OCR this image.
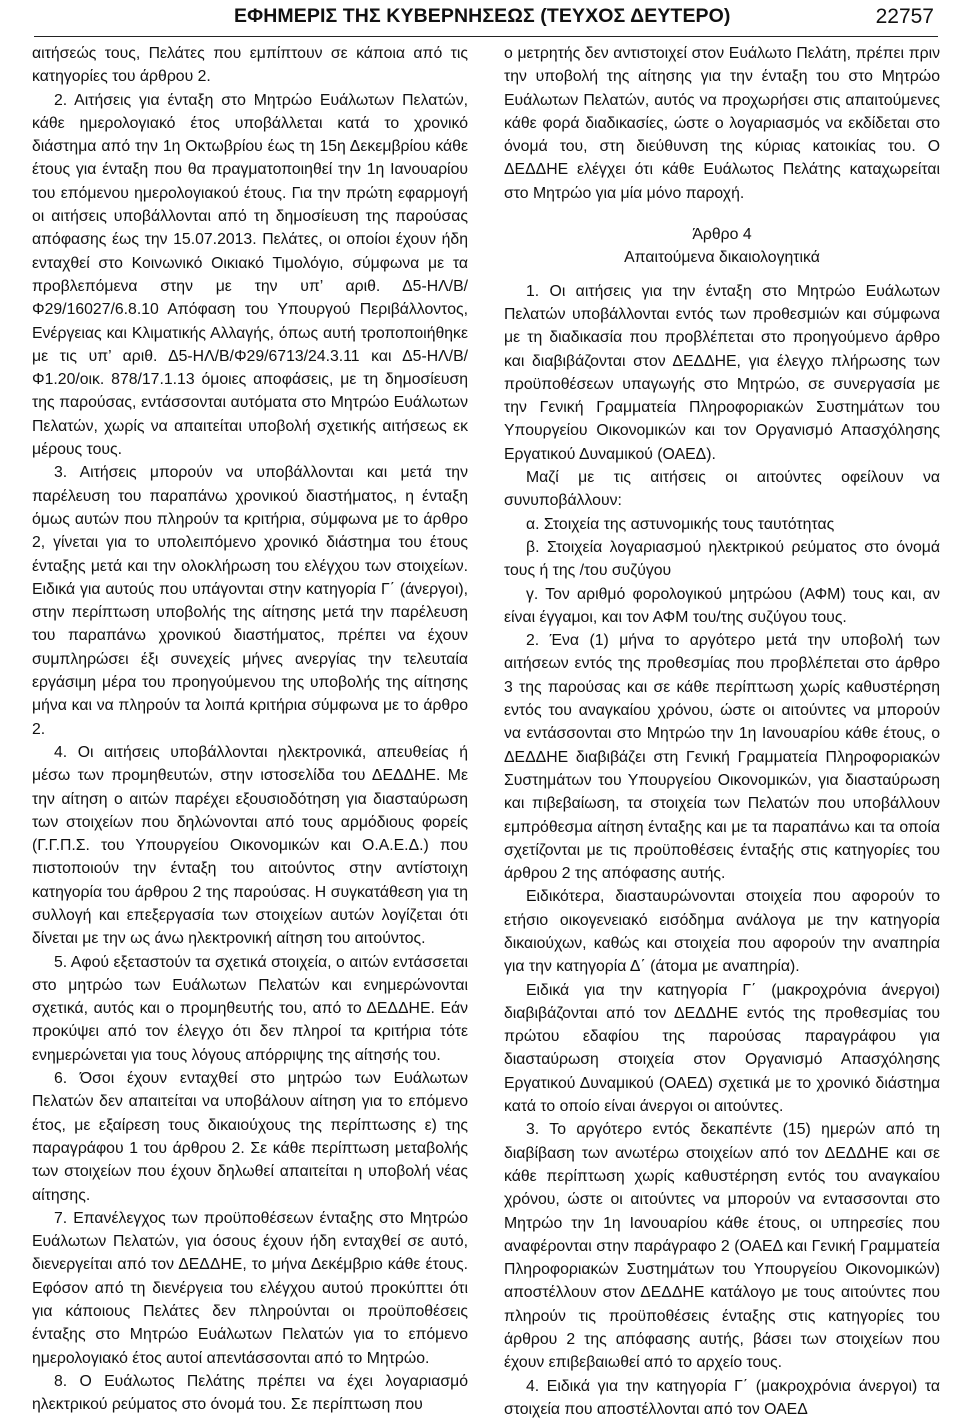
ΕΦΗΜΕΡΙΣ ΤΗΣ ΚΥΒΕΡΝΗΣΕΩΣ (ΤΕΥΧΟΣ ΔΕΥΤΕΡΟ)	22757

αιτήσεώς τους, Πελάτες που εμπίπτουν σε κάποια από τις κατηγορίες του άρθρου 2.

2. Αιτήσεις για ένταξη στο Μητρώο Ευάλωτων Πελατών, κάθε ημερολογιακό έτος υποβάλλεται κατά το χρονικό διάστημα από την 1η Οκτωβρίου έως τη 15η Δεκεμβρίου κάθε έτους για ένταξη που θα πραγματοποιηθεί την 1η Ιανουαρίου του επόμενου ημερολογιακού έτους. Για την πρώτη εφαρμογή οι αιτήσεις υποβάλλονται από τη δημοσίευση της παρούσας απόφασης έως την 15.07.2013. Πελάτες, οι οποίοι έχουν ήδη ενταχθεί στο Κοινωνικό Οικιακό Τιμολόγιο, σύμφωνα με τα προβλεπόμενα στην με την υπ’ αριθ. Δ5-ΗΛ/Β/Φ29/16027/6.8.10 Απόφαση του Υπουργού Περιβάλλοντος, Ενέργειας και Κλιματικής Αλλαγής, όπως αυτή τροποποιήθηκε με τις υπ’ αριθ. Δ5-ΗΛ/Β/Φ29/6713/24.3.11 και Δ5-ΗΛ/Β/Φ1.20/οικ. 878/17.1.13 όμοιες αποφάσεις, με τη δημοσίευση της παρούσας, εντάσσονται αυτόματα στο Μητρώο Ευάλωτων Πελατών, χωρίς να απαιτείται υποβολή σχετικής αιτήσεως εκ μέρους τους.

3. Αιτήσεις μπορούν να υποβάλλονται και μετά την παρέλευση του παραπάνω χρονικού διαστήματος, η ένταξη όμως αυτών που πληρούν τα κριτήρια, σύμφωνα με το άρθρο 2, γίνεται για το υπολειπόμενο χρονικό διάστημα του έτους ένταξης μετά και την ολοκλήρωση του ελέγχου των στοιχείων. Ειδικά για αυτούς που υπάγονται στην κατηγορία Γ΄ (άνεργοι), στην περίπτωση υποβολής της αίτησης μετά την παρέλευση του παραπάνω χρονικού διαστήματος, πρέπει να έχουν συμπληρώσει έξι συνεχείς μήνες ανεργίας την τελευταία εργάσιμη μέρα του προηγούμενου της υποβολής της αίτησης μήνα και να πληρούν τα λοιπά κριτήρια σύμφωνα με το άρθρο 2.

4. Οι αιτήσεις υποβάλλονται ηλεκτρονικά, απευθείας ή μέσω των προμηθευτών, στην ιστοσελίδα του ΔΕΔΔΗΕ. Με την αίτηση ο αιτών παρέχει εξουσιοδότηση για διασταύρωση των στοιχείων που δηλώνονται από τους αρμόδιους φορείς (Γ.Γ.Π.Σ. του Υπουργείου Οικονομικών και Ο.Α.Ε.Δ.) που πιστοποιούν την ένταξη του αιτούντος στην αντίστοιχη κατηγορία του άρθρου 2 της παρούσας. Η συγκατάθεση για τη συλλογή και επεξεργασία των στοιχείων αυτών λογίζεται ότι δίνεται με την ως άνω ηλεκτρονική αίτηση του αιτούντος.

5. Αφού εξεταστούν τα σχετικά στοιχεία, ο αιτών εντάσσεται στο μητρώο των Ευάλωτων Πελατών και ενημερώνονται σχετικά, αυτός και ο προμηθευτής του, από το ΔΕΔΔΗΕ. Εάν προκύψει από τον έλεγχο ότι δεν πληροί τα κριτήρια τότε ενημερώνεται για τους λόγους απόρριψης της αίτησής του.

6. Όσοι έχουν ενταχθεί στο μητρώο των Ευάλωτων Πελατών δεν απαιτείται να υποβάλουν αίτηση για το επόμενο έτος, με εξαίρεση τους δικαιούχους της περίπτωσης ε) της παραγράφου 1 του άρθρου 2. Σε κάθε περίπτωση μεταβολής των στοιχείων που έχουν δηλωθεί απαιτείται η υποβολή νέας αίτησης.

7. Επανέλεγχος των προϋποθέσεων ένταξης στο Μητρώο Ευάλωτων Πελατών, για όσους έχουν ήδη ενταχθεί σε αυτό, διενεργείται από τον ΔΕΔΔΗΕ, το μήνα Δεκέμβριο κάθε έτους. Εφόσον από τη διενέργεια του ελέγχου αυτού προκύπτει ότι για κάποιους Πελάτες δεν πληρούνται οι προϋποθέσεις ένταξης στο Μητρώο Ευάλωτων Πελατών για το επόμενο ημερολογιακό έτος αυτοί απενtάσσονται από το Μητρώο.

8. Ο Ευάλωτος Πελάτης πρέπει να έχει λογαριασμό ηλεκτρικού ρεύματος στο όνομά του. Σε περίπτωση που

ο μετρητής δεν αντιστοιχεί στον Ευάλωτο Πελάτη, πρέπει πριν την υποβολή της αίτησης για την ένταξη του στο Μητρώο Ευάλωτων Πελατών, αυτός να προχωρήσει στις απαιτούμενες κάθε φορά διαδικασίες, ώστε ο λογαριασμός να εκδίδεται στο όνομά του, στη διεύθυνση της κύριας κατοικίας του. Ο ΔΕΔΔΗΕ ελέγχει ότι κάθε Ευάλωτος Πελάτης καταχωρείται στο Μητρώο για μία μόνο παροχή.

Άρθρο 4

Απαιτούμενα δικαιολογητικά

1. Οι αιτήσεις για την ένταξη στο Μητρώο Ευάλωτων Πελατών υποβάλλονται εντός των προθεσμιών και σύμφωνα με τη διαδικασία που προβλέπεται στο προηγούμενο άρθρο και διαβιβάζονται στον ΔΕΔΔΗΕ, για έλεγχο πλήρωσης των προϋποθέσεων υπαγωγής στο Μητρώο, σε συνεργασία με την Γενική Γραμματεία Πληροφοριακών Συστημάτων του Υπουργείου Οικονομικών και τον Οργανισμό Απασχόλησης Εργατικού Δυναμικού (ΟΑΕΔ).

Μαζί με τις αιτήσεις οι αιτούντες οφείλουν να συνυποβάλλουν:

α. Στοιχεία της αστυνομικής τους ταυτότητας

β. Στοιχεία λογαριασμού ηλεκτρικού ρεύματος στο όνομά τους ή της /του συζύγου

γ. Τον αριθμό φορολογικού μητρώου (ΑΦΜ) τους και, αν είναι έγγαμοι, και τον ΑΦΜ του/της συζύγου τους.

2. Ένα (1) μήνα το αργότερο μετά την υποβολή των αιτήσεων εντός της προθεσμίας που προβλέπεται στο άρθρο 3 της παρούσας και σε κάθε περίπτωση χωρίς καθυστέρηση εντός του αναγκαίου χρόνου, ώστε οι αιτούντες να μπορούν να εντάσσονται στο Μητρώο την 1η Ιανουαρίου κάθε έτους, ο ΔΕΔΔΗΕ διαβιβάζει στη Γενική Γραμματεία Πληροφοριακών Συστημάτων του Υπουργείου Οικονομικών, για διασταύρωση και πιβεβαίωση, τα στοιχεία των Πελατών που υποβάλλουν εμπρόθεσμα αίτηση ένταξης και με τα παραπάνω και τα οποία σχετίζονται με τις προϋποθέσεις ένταξής στις κατηγορίες του άρθρου 2 της απόφασης αυτής.

Ειδικότερα, διασταυρώνονται στοιχεία που αφορούν το ετήσιο οικογενειακό εισόδημα ανάλογα με την κατηγορία δικαιούχων, καθώς και στοιχεία που αφορούν την αναπηρία για την κατηγορία Δ΄ (άτομα με αναπηρία).

Ειδικά για την κατηγορία Γ΄ (μακροχρόνια άνεργοι) διαβιβάζονται από τον ΔΕΔΔΗΕ εντός της προθεσμίας του πρώτου εδαφίου της παρούσας παραγράφου για διασταύρωση στοιχεία στον Οργανισμό Απασχόλησης Εργατικού Δυναμικού (ΟΑΕΔ) σχετικά με το χρονικό διάστημα κατά το οποίο είναι άνεργοι οι αιτούντες.

3. Το αργότερο εντός δεκαπέντε (15) ημερών από τη διαβίβαση των ανωτέρω στοιχείων από τον ΔΕΔΔΗΕ και σε κάθε περίπτωση χωρίς καθυστέρηση εντός του αναγκαίου χρόνου, ώστε οι αιτούντες να μπορούν να εντασσονται στο Μητρώο την 1η Ιανουαρίου κάθε έτους, οι υπηρεσίες που αναφέρονται στην παράγραφο 2 (ΟΑΕΔ και Γενική Γραμματεία Πληροφοριακών Συστημάτων του Υπουργείου Οικονομικών) αποστέλλουν στον ΔΕΔΔΗΕ κατάλογο με τους αιτούντες που πληρούν τις προϋποθέσεις ένταξης στις κατηγορίες του άρθρου 2 της απόφασης αυτής, βάσει των στοιχείων που έχουν επιβεβαιωθεί από το αρχείο τους.

4. Ειδικά για την κατηγορία Γ΄ (μακροχρόνια άνεργοι) τα στοιχεία που αποστέλλονται από τον ΟΑΕΔ
